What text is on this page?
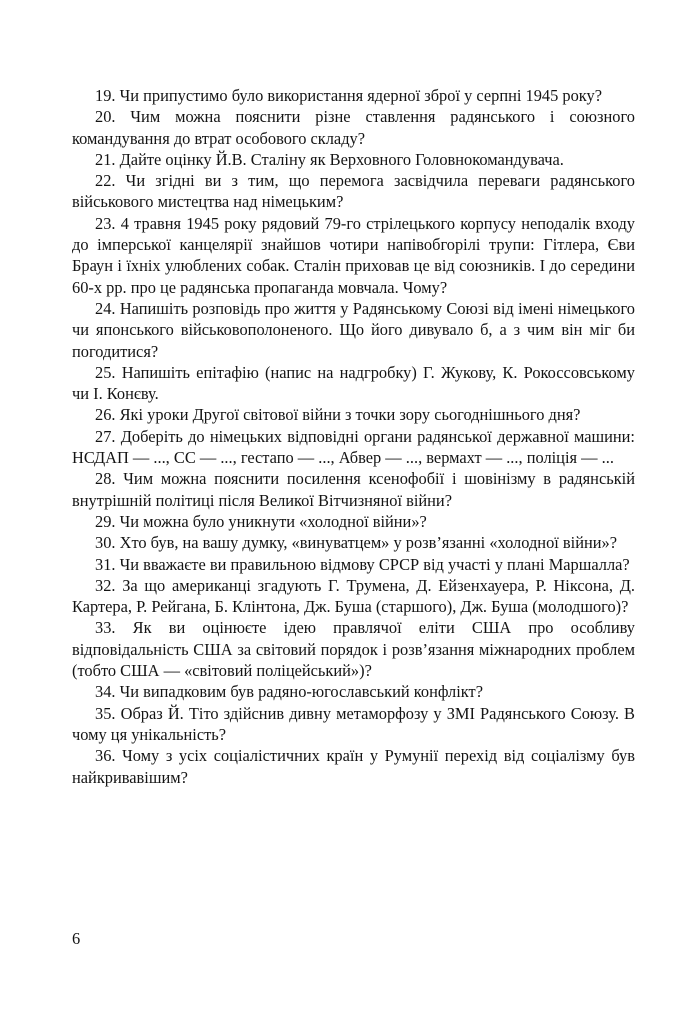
19. Чи припустимо було використання ядерної зброї у серпні 1945 року?

20. Чим можна пояснити різне ставлення радянського і союзного командування до втрат особового складу?

21. Дайте оцінку Й.В. Сталіну як Верховного Головнокомандувача.

22. Чи згідні ви з тим, що перемога засвідчила переваги радянського військового мистецтва над німецьким?

23. 4 травня 1945 року рядовий 79-го стрілецького корпусу неподалік входу до імперської канцелярії знайшов чотири напівобгорілі трупи: Гітлера, Єви Браун і їхніх улюблених собак. Сталін приховав це від союзників. І до середини 60-х рр. про це радянська пропаганда мовчала. Чому?

24. Напишіть розповідь про життя у Радянському Союзі від імені німецького чи японського військовополоненого. Що його дивувало б, а з чим він міг би погодитися?

25. Напишіть епітафію (напис на надгробку) Г. Жукову, К. Рокоссовському чи І. Конєву.

26. Які уроки Другої світової війни з точки зору сьогоднішнього дня?

27. Доберіть до німецьких відповідні органи радянської державної машини: НСДАП — ..., СС — ..., гестапо — ..., Абвер — ..., вермахт — ..., поліція — ...

28. Чим можна пояснити посилення ксенофобії і шовінізму в радянській внутрішній політиці після Великої Вітчизняної війни?

29. Чи можна було уникнути «холодної війни»?

30. Хто був, на вашу думку, «винуватцем» у розв’язанні «холодної війни»?

31. Чи вважаєте ви правильною відмову СРСР від участі у плані Маршалла?

32. За що американці згадують Г. Трумена, Д. Ейзенхауера, Р. Ніксона, Д. Картера, Р. Рейгана, Б. Клінтона, Дж. Буша (старшого), Дж. Буша (молодшого)?

33. Як ви оцінюєте ідею правлячої еліти США про особливу відповідальність США за світовий порядок і розв’язання міжнародних проблем (тобто США — «світовий поліцейський»)?

34. Чи випадковим був радяно-югославський конфлікт?

35. Образ Й. Тіто здійснив дивну метаморфозу у ЗМІ Радянського Союзу. В чому ця унікальність?

36. Чому з усіх соціалістичних країн у Румунії перехід від соціалізму був найкривавішим?

6
